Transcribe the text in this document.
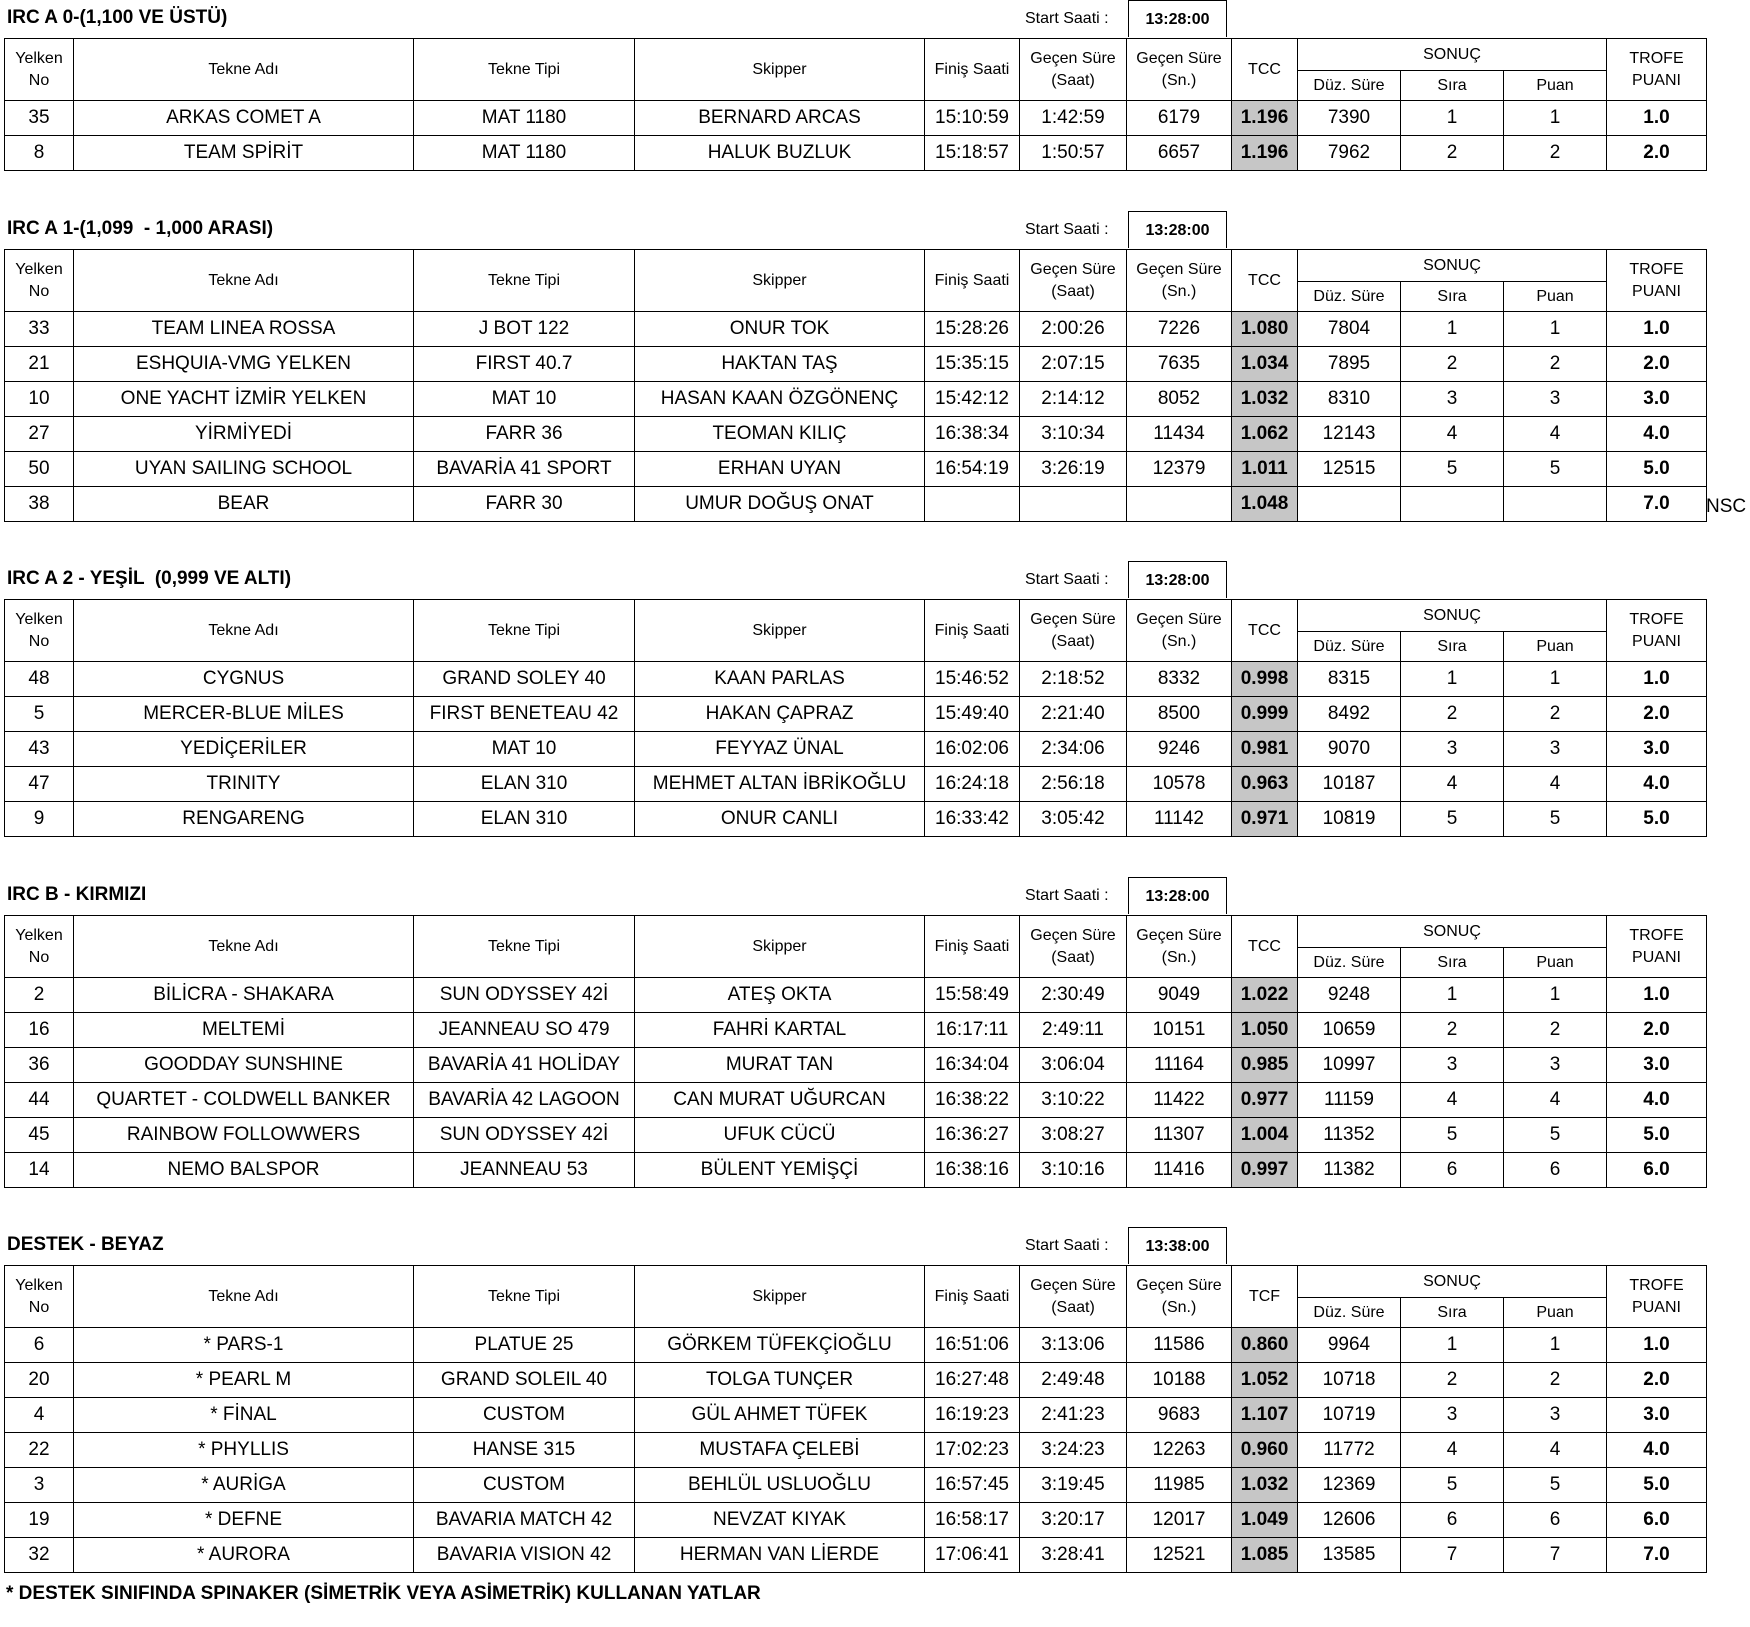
IRC A 0-(1,100 VE ÜSTÜ)	Start Saati :	13:28:00
Yelken No	Tekne Adı	Tekne Tipi	Skipper	Finiş Saati	Geçen Süre (Saat)	Geçen Süre (Sn.)	TCC	SONUÇ			TROFE PUANI
								Düz. Süre	Sıra	Puan	
35	ARKAS COMET A	MAT 1180	BERNARD ARCAS	15:10:59	1:42:59	6179	1.196	7390	1	1	1.0
8	TEAM SPİRİT	MAT 1180	HALUK BUZLUK	15:18:57	1:50:57	6657	1.196	7962	2	2	2.0
IRC A 1-(1,099  - 1,000 ARASI)	Start Saati :	13:28:00
Yelken No	Tekne Adı	Tekne Tipi	Skipper	Finiş Saati	Geçen Süre (Saat)	Geçen Süre (Sn.)	TCC	SONUÇ			TROFE PUANI
								Düz. Süre	Sıra	Puan	
33	TEAM LINEA ROSSA	J BOT 122	ONUR TOK	15:28:26	2:00:26	7226	1.080	7804	1	1	1.0
21	ESHQUIA-VMG YELKEN	FIRST 40.7	HAKTAN TAŞ	15:35:15	2:07:15	7635	1.034	7895	2	2	2.0
10	ONE YACHT İZMİR YELKEN	MAT 10	HASAN KAAN ÖZGÖNENÇ	15:42:12	2:14:12	8052	1.032	8310	3	3	3.0
27	YİRMİYEDİ	FARR 36	TEOMAN KILIÇ	16:38:34	3:10:34	11434	1.062	12143	4	4	4.0
50	UYAN SAILING SCHOOL	BAVARİA 41 SPORT	ERHAN UYAN	16:54:19	3:26:19	12379	1.011	12515	5	5	5.0
38	BEAR	FARR 30	UMUR DOĞUŞ ONAT				1.048				7.0 NSC
IRC A 2 - YEŞİL  (0,999 VE ALTI)	Start Saati :	13:28:00
Yelken No	Tekne Adı	Tekne Tipi	Skipper	Finiş Saati	Geçen Süre (Saat)	Geçen Süre (Sn.)	TCC	SONUÇ			TROFE PUANI
								Düz. Süre	Sıra	Puan	
48	CYGNUS	GRAND SOLEY 40	KAAN PARLAS	15:46:52	2:18:52	8332	0.998	8315	1	1	1.0
5	MERCER-BLUE MİLES	FIRST BENETEAU 42	HAKAN ÇAPRAZ	15:49:40	2:21:40	8500	0.999	8492	2	2	2.0
43	YEDİÇERİLER	MAT 10	FEYYAZ ÜNAL	16:02:06	2:34:06	9246	0.981	9070	3	3	3.0
47	TRINITY	ELAN 310	MEHMET ALTAN İBRİKOĞLU	16:24:18	2:56:18	10578	0.963	10187	4	4	4.0
9	RENGARENG	ELAN 310	ONUR CANLI	16:33:42	3:05:42	11142	0.971	10819	5	5	5.0
IRC B - KIRMIZI	Start Saati :	13:28:00
Yelken No	Tekne Adı	Tekne Tipi	Skipper	Finiş Saati	Geçen Süre (Saat)	Geçen Süre (Sn.)	TCC	SONUÇ			TROFE PUANI
								Düz. Süre	Sıra	Puan	
2	BİLİCRA - SHAKARA	SUN ODYSSEY 42İ	ATEŞ OKTA	15:58:49	2:30:49	9049	1.022	9248	1	1	1.0
16	MELTEMİ	JEANNEAU SO 479	FAHRİ KARTAL	16:17:11	2:49:11	10151	1.050	10659	2	2	2.0
36	GOODDAY SUNSHINE	BAVARİA 41 HOLİDAY	MURAT TAN	16:34:04	3:06:04	11164	0.985	10997	3	3	3.0
44	QUARTET - COLDWELL BANKER	BAVARİA 42 LAGOON	CAN MURAT UĞURCAN	16:38:22	3:10:22	11422	0.977	11159	4	4	4.0
45	RAINBOW FOLLOWWERS	SUN ODYSSEY 42İ	UFUK CÜCÜ	16:36:27	3:08:27	11307	1.004	11352	5	5	5.0
14	NEMO BALSPOR	JEANNEAU 53	BÜLENT YEMİŞÇİ	16:38:16	3:10:16	11416	0.997	11382	6	6	6.0
DESTEK - BEYAZ	Start Saati :	13:38:00
Yelken No	Tekne Adı	Tekne Tipi	Skipper	Finiş Saati	Geçen Süre (Saat)	Geçen Süre (Sn.)	TCF	SONUÇ			TROFE PUANI
								Düz. Süre	Sıra	Puan	
6	* PARS-1	PLATUE 25	GÖRKEM TÜFEKÇİOĞLU	16:51:06	3:13:06	11586	0.860	9964	1	1	1.0
20	* PEARL M	GRAND SOLEIL 40	TOLGA TUNÇER	16:27:48	2:49:48	10188	1.052	10718	2	2	2.0
4	* FİNAL	CUSTOM	GÜL AHMET TÜFEK	16:19:23	2:41:23	9683	1.107	10719	3	3	3.0
22	* PHYLLIS	HANSE 315	MUSTAFA ÇELEBİ	17:02:23	3:24:23	12263	0.960	11772	4	4	4.0
3	* AURİGA	CUSTOM	BEHLÜL USLUOĞLU	16:57:45	3:19:45	11985	1.032	12369	5	5	5.0
19	* DEFNE	BAVARIA MATCH 42	NEVZAT KIYAK	16:58:17	3:20:17	12017	1.049	12606	6	6	6.0
32	* AURORA	BAVARIA VISION 42	HERMAN VAN LİERDE	17:06:41	3:28:41	12521	1.085	13585	7	7	7.0
* DESTEK SINIFINDA SPINAKER (SİMETRİK VEYA ASİMETRİK) KULLANAN YATLAR
